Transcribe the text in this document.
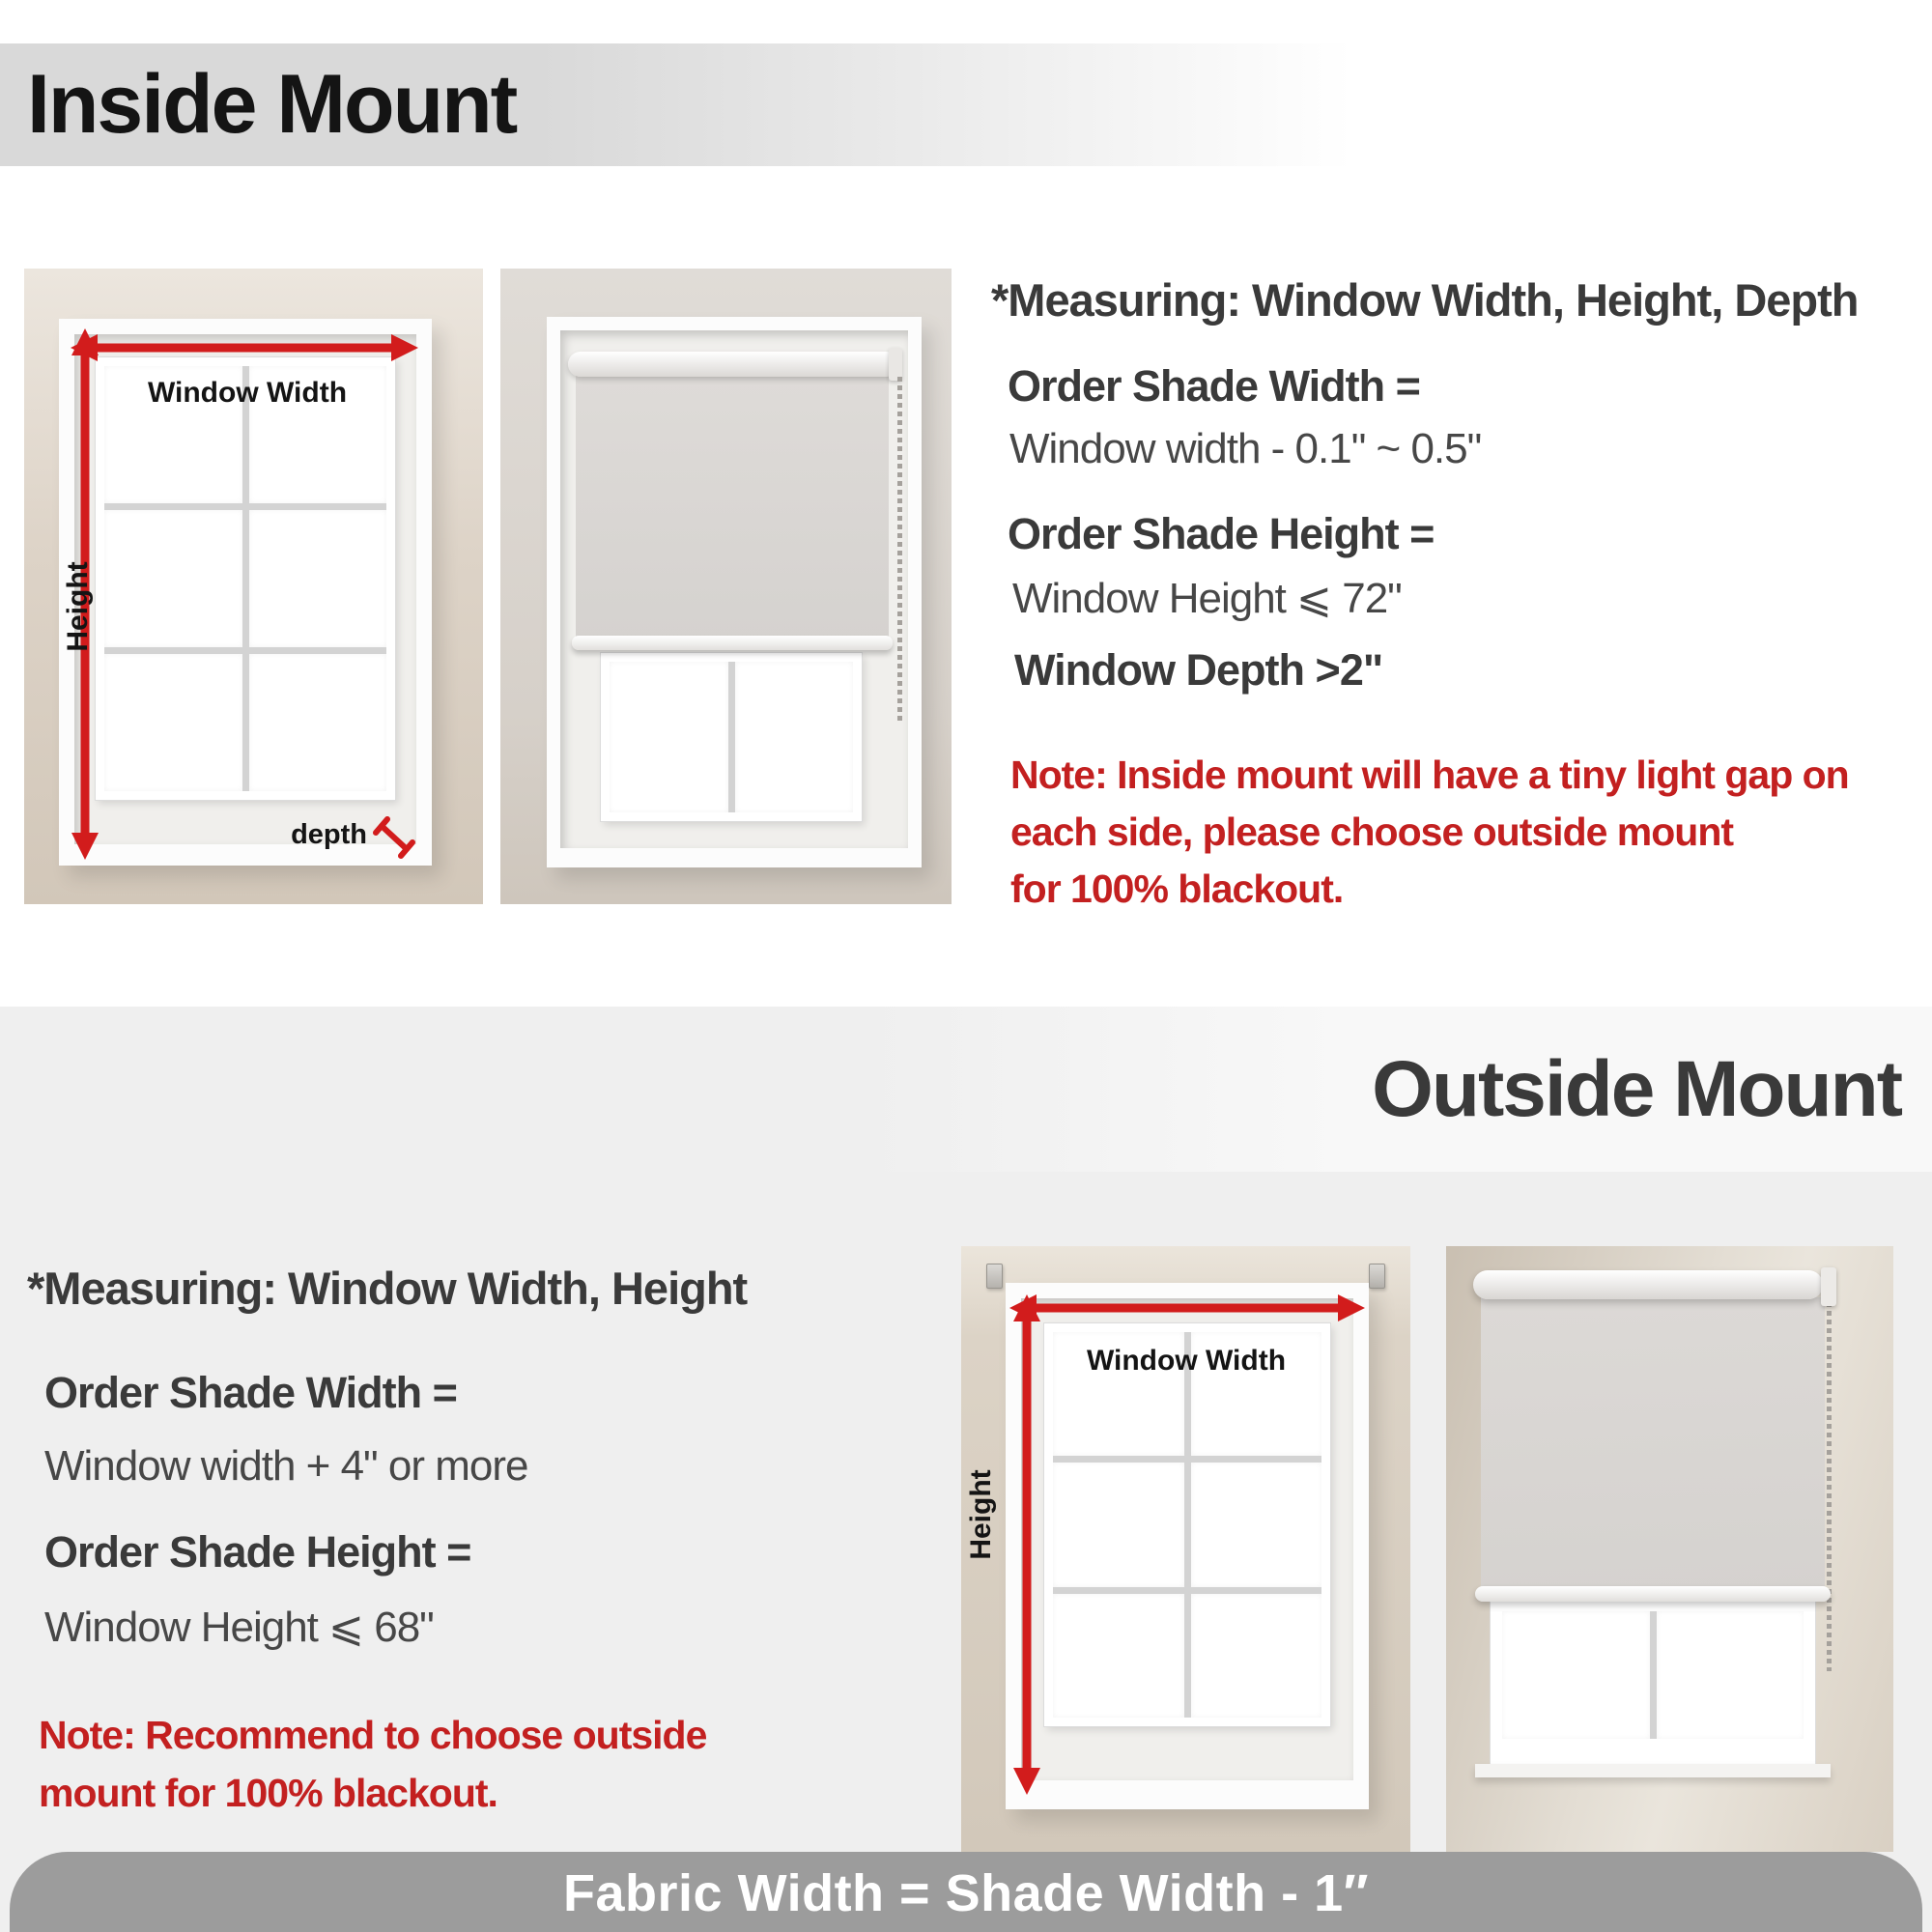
Inside Mount
Window Width
Height
depth
*Measuring: Window Width, Height, Depth
Order Shade Width =
Window width - 0.1" ~ 0.5"
Order Shade Height =
Window Height ⩽ 72"
Window Depth >2"
Note: Inside mount will have a tiny light gap on
each side, please choose outside mount
for 100% blackout.
Outside Mount
*Measuring: Window Width, Height
Order Shade Width =
Window width + 4" or more
Order Shade Height =
Window Height ⩽ 68"
Note: Recommend to choose outside
mount for 100% blackout.
Window Width
Height
Fabric Width = Shade Width - 1″
